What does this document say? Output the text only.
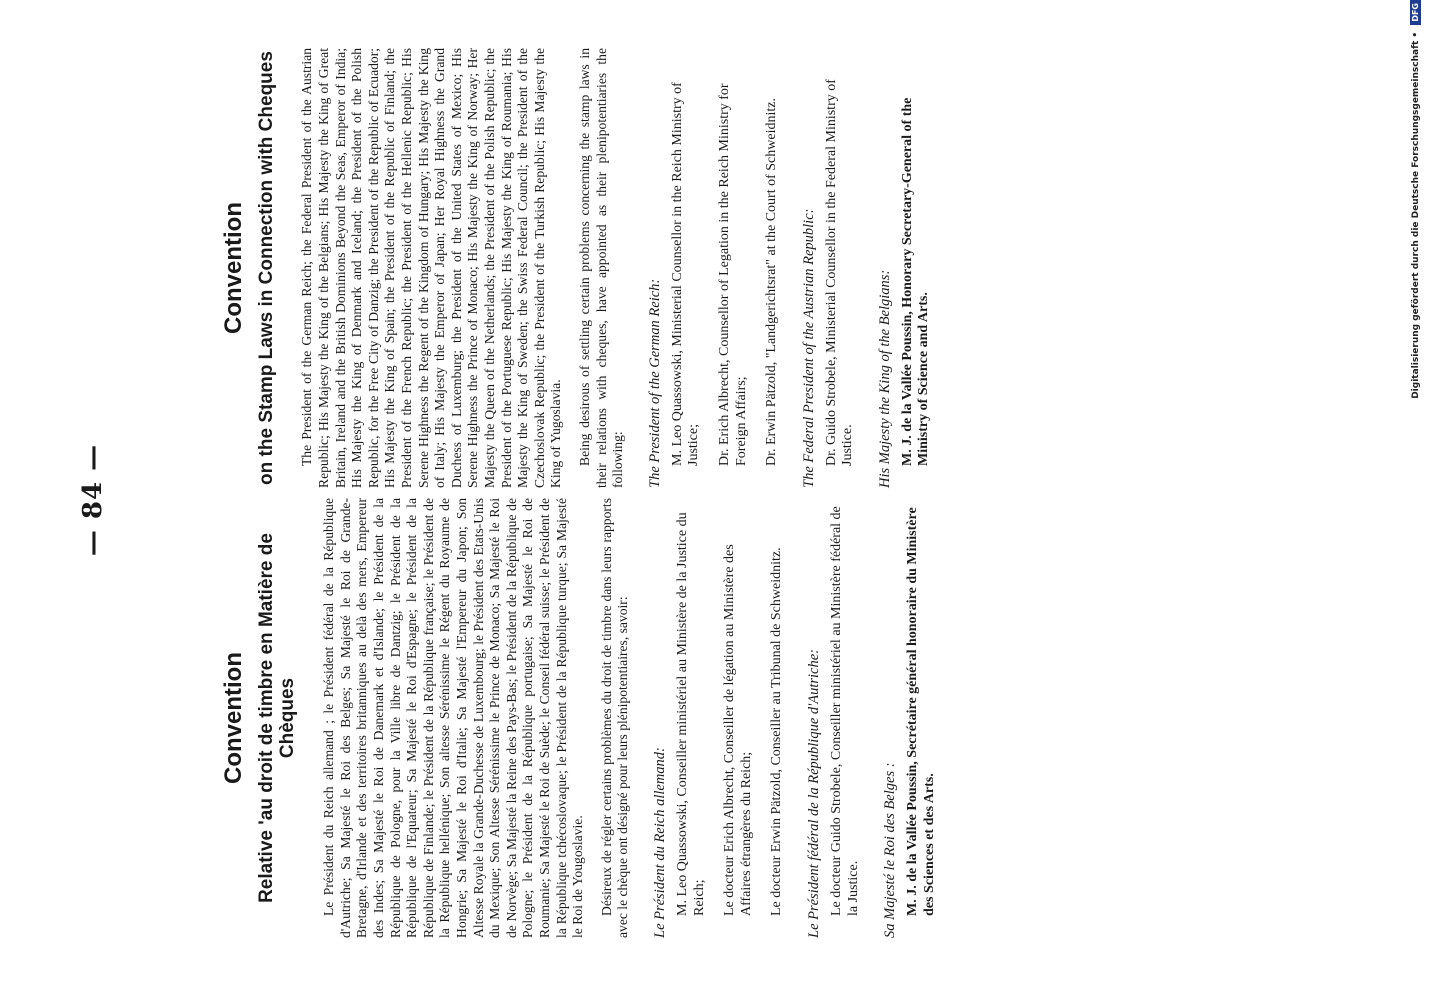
— 84 —
Convention Relative 'au droit de timbre en Matière de Chèques Le Président du Reich allemand ; le Président fédéral de la République d'Autriche; Sa Majesté le Roi des Belges; Sa Majesté le Roi de Grande-Bretagne, d'Irlande et des territoires britanniques au delà des mers, Empereur des Indes; Sa Majesté le Roi de Danemark et d'Islande; le Président de la République de Pologne, pour la Ville libre de Dantzig; le Président de la République de l'Equateur; Sa Majesté le Roi d'Espagne; le Président de la République de Finlande; le Président de la République française; le Président de la République hellénique; Son altesse Sérénissime le Régent du Royaume de Hongrie; Sa Majesté le Roi d'Italie; Sa Majesté l'Empereur du Japon; Son Altesse Royale la Grande-Duchesse de Luxembourg; le Président des Etats-Unis du Mexique; Son Altesse Sérénissime le Prince de Monaco; Sa Majesté le Roi de Norvège; Sa Majesté la Reine des Pays-Bas; le Président de la République de Pologne; le Président de la République portugaise; Sa Majesté le Roi de Roumanie; Sa Majesté le Roi de Suède; le Conseil fédéral suisse; le Président de la République tchécoslovaque; le Président de la République turque; Sa Majesté le Roi de Yougoslavie. Désireux de régler certains problèmes du droit de timbre dans leurs rapports avec le chèque ont désigné pour leurs plénipotentiaires, savoir: Le Président du Reich allemand: M. Leo Quassowski, Conseiller ministériel au Ministère de la Justice du Reich; Le docteur Erich Albrecht, Conseiller de légation au Ministère des Affaires étrangères du Reich; Le docteur Erwin Pätzold, Conseiller au Tribunal de Schweidnitz. Le Président fédéral de la République d'Autriche: Le docteur Guido Strobele, Conseiller ministériel au Ministère fédéral de la Justice. Sa Majesté le Roi des Belges : M. J. de la Vallée Poussin, Secrétaire général honoraire du Ministère des Sciences et des Arts.
Convention on the Stamp Laws in Connection with Cheques The President of the German Reich; the Federal President of the Austrian Republic; His Majesty the King of the Belgians; His Majesty the King of Great Britain, Ireland and the British Dominions Beyond the Seas, Emperor of India; His Majesty the King of Denmark and Iceland; the President of the Polish Republic, for the Free City of Danzig; the President of the Republic of Ecuador; His Majesty the King of Spain; the President of the Republic of Finland; the President of the French Republic; the President of the Hellenic Republic; His Serene Highness the Regent of the Kingdom of Hungary; His Majesty the King of Italy; His Majesty the Emperor of Japan; Her Royal Highness the Grand Duchess of Luxemburg; the President of the United States of Mexico; His Serene Highness the Prince of Monaco; His Majesty the King of Norway; Her Majesty the Queen of the Netherlands; the President of the Polish Republic; the President of the Portuguese Republic; His Majesty the King of Roumania; His Majesty the King of Sweden; the Swiss Federal Council; the President of the Czechoslovak Republic; the President of the Turkish Republic; His Majesty the King of Yugoslavia. Being desirous of settling certain problems concerning the stamp laws in their relations with cheques, have appointed as their plenipotentiaries the following: The President of the German Reich: M. Leo Quassowski, Ministerial Counsellor in the Reich Ministry of Justice; Dr. Erich Albrecht, Counsellor of Legation in the Reich Ministry for Foreign Affairs; Dr. Erwin Pätzold, "Landgerichtsrat" at the Court of Schweidnitz. The Federal President of the Austrian Republic: Dr. Guido Strobele, Ministerial Counsellor in the Federal Ministry of Justice. His Majesty the King of the Belgians: M. J. de la Vallée Poussin, Honorary Secretary-General of the Ministry of Science and Arts.	Digitalisierung gefördert durch die Deutsche Forschungsgemeinschaft • DFG
